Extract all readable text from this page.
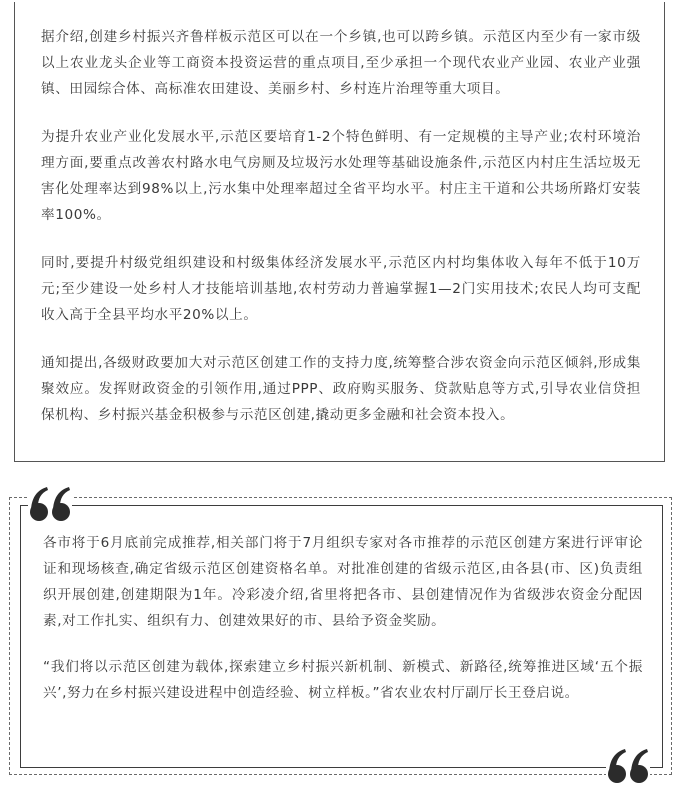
据介绍,创建乡村振兴齐鲁样板示范区可以在一个乡镇,也可以跨乡镇。示范区内至少有一家市级以上农业龙头企业等工商资本投资运营的重点项目,至少承担一个现代农业产业园、农业产业强镇、田园综合体、高标准农田建设、美丽乡村、乡村连片治理等重大项目。

为提升农业产业化发展水平,示范区要培育1-2个特色鲜明、有一定规模的主导产业;农村环境治理方面,要重点改善农村路水电气房厕及垃圾污水处理等基础设施条件,示范区内村庄生活垃圾无害化处理率达到98%以上,污水集中处理率超过全省平均水平。村庄主干道和公共场所路灯安装率100%。

同时,要提升村级党组织建设和村级集体经济发展水平,示范区内村均集体收入每年不低于10万元;至少建设一处乡村人才技能培训基地,农村劳动力普遍掌握1—2门实用技术;农民人均可支配收入高于全县平均水平20%以上。

通知提出,各级财政要加大对示范区创建工作的支持力度,统筹整合涉农资金向示范区倾斜,形成集聚效应。发挥财政资金的引领作用,通过PPP、政府购买服务、贷款贴息等方式,引导农业信贷担保机构、乡村振兴基金积极参与示范区创建,撬动更多金融和社会资本投入。

各市将于6月底前完成推荐,相关部门将于7月组织专家对各市推荐的示范区创建方案进行评审论证和现场核查,确定省级示范区创建资格名单。对批准创建的省级示范区,由各县(市、区)负责组织开展创建,创建期限为1年。冷彩凌介绍,省里将把各市、县创建情况作为省级涉农资金分配因素,对工作扎实、组织有力、创建效果好的市、县给予资金奖励。

“我们将以示范区创建为载体,探索建立乡村振兴新机制、新模式、新路径,统筹推进区域‘五个振兴’,努力在乡村振兴建设进程中创造经验、树立样板。”省农业农村厅副厅长王登启说。
